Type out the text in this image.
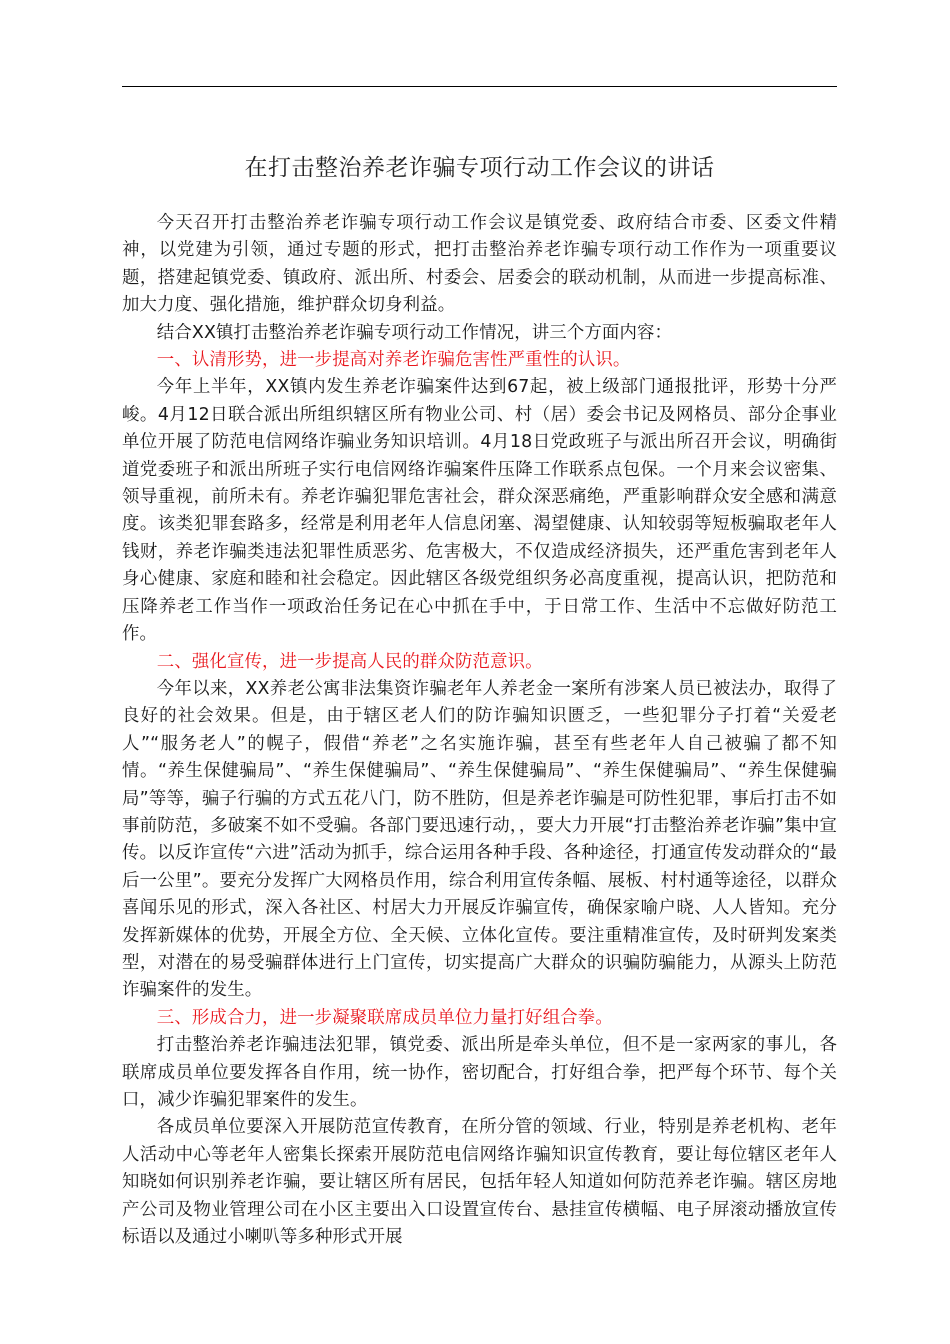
在打击整治养老诈骗专项行动工作会议的讲话

今天召开打击整治养老诈骗专项行动工作会议是镇党委、政府结合市委、区委文件精神，以党建为引领，通过专题的形式，把打击整治养老诈骗专项行动工作作为一项重要议题，搭建起镇党委、镇政府、派出所、村委会、居委会的联动机制，从而进一步提高标准、加大力度、强化措施，维护群众切身利益。

结合XX镇打击整治养老诈骗专项行动工作情况，讲三个方面内容：

一、认清形势，进一步提高对养老诈骗危害性严重性的认识。

今年上半年，XX镇内发生养老诈骗案件达到67起，被上级部门通报批评，形势十分严峻。4月12日联合派出所组织辖区所有物业公司、村（居）委会书记及网格员、部分企事业单位开展了防范电信网络诈骗业务知识培训。4月18日党政班子与派出所召开会议，明确街道党委班子和派出所班子实行电信网络诈骗案件压降工作联系点包保。一个月来会议密集、领导重视，前所未有。养老诈骗犯罪危害社会，群众深恶痛绝，严重影响群众安全感和满意度。该类犯罪套路多，经常是利用老年人信息闭塞、渴望健康、认知较弱等短板骗取老年人钱财，养老诈骗类违法犯罪性质恶劣、危害极大，不仅造成经济损失，还严重危害到老年人身心健康、家庭和睦和社会稳定。因此辖区各级党组织务必高度重视，提高认识，把防范和压降养老工作当作一项政治任务记在心中抓在手中，于日常工作、生活中不忘做好防范工作。

二、强化宣传，进一步提高人民的群众防范意识。

今年以来，XX养老公寓非法集资诈骗老年人养老金一案所有涉案人员已被法办，取得了良好的社会效果。但是，由于辖区老人们的防诈骗知识匮乏，一些犯罪分子打着“关爱老人”“服务老人”的幌子，假借“养老”之名实施诈骗，甚至有些老年人自己被骗了都不知情。“养生保健骗局”、“养生保健骗局”、“养生保健骗局”、“养生保健骗局”、“养生保健骗局”等等，骗子行骗的方式五花八门，防不胜防，但是养老诈骗是可防性犯罪，事后打击不如事前防范，多破案不如不受骗。各部门要迅速行动，，要大力开展“打击整治养老诈骗”集中宣传。以反诈宣传“六进”活动为抓手，综合运用各种手段、各种途径，打通宣传发动群众的“最后一公里”。要充分发挥广大网格员作用，综合利用宣传条幅、展板、村村通等途径，以群众喜闻乐见的形式，深入各社区、村居大力开展反诈骗宣传，确保家喻户晓、人人皆知。充分发挥新媒体的优势，开展全方位、全天候、立体化宣传。要注重精准宣传，及时研判发案类型，对潜在的易受骗群体进行上门宣传，切实提高广大群众的识骗防骗能力，从源头上防范诈骗案件的发生。

三、形成合力，进一步凝聚联席成员单位力量打好组合拳。

打击整治养老诈骗违法犯罪，镇党委、派出所是牵头单位，但不是一家两家的事儿，各联席成员单位要发挥各自作用，统一协作，密切配合，打好组合拳，把严每个环节、每个关口，减少诈骗犯罪案件的发生。

各成员单位要深入开展防范宣传教育，在所分管的领域、行业，特别是养老机构、老年人活动中心等老年人密集长探索开展防范电信网络诈骗知识宣传教育，要让每位辖区老年人知晓如何识别养老诈骗，要让辖区所有居民，包括年轻人知道如何防范养老诈骗。辖区房地产公司及物业管理公司在小区主要出入口设置宣传台、悬挂宣传横幅、电子屏滚动播放宣传标语以及通过小喇叭等多种形式开展
